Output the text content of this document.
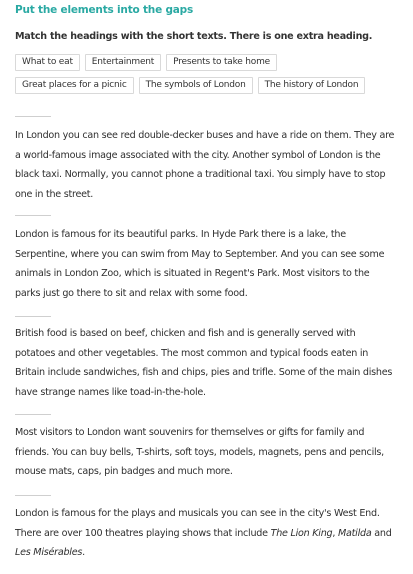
Put the elements into the gaps
Match the headings with the short texts. There is one extra heading.
What to eat	Entertainment	Presents to take home
Great places for a picnic	The symbols of London	The history of London
In London you can see red double-decker buses and have a ride on them. They are
a world-famous image associated with the city. Another symbol of London is the
black taxi. Normally, you cannot phone a traditional taxi. You simply have to stop
one in the street.
London is famous for its beautiful parks. In Hyde Park there is a lake, the
Serpentine, where you can swim from May to September. And you can see some
animals in London Zoo, which is situated in Regent's Park. Most visitors to the
parks just go there to sit and relax with some food.
British food is based on beef, chicken and fish and is generally served with
potatoes and other vegetables. The most common and typical foods eaten in
Britain include sandwiches, fish and chips, pies and trifle. Some of the main dishes
have strange names like toad-in-the-hole.
Most visitors to London want souvenirs for themselves or gifts for family and
friends. You can buy bells, T-shirts, soft toys, models, magnets, pens and pencils,
mouse mats, caps, pin badges and much more.
London is famous for the plays and musicals you can see in the city's West End.
There are over 100 theatres playing shows that include The Lion King, Matilda and
Les Misérables.
